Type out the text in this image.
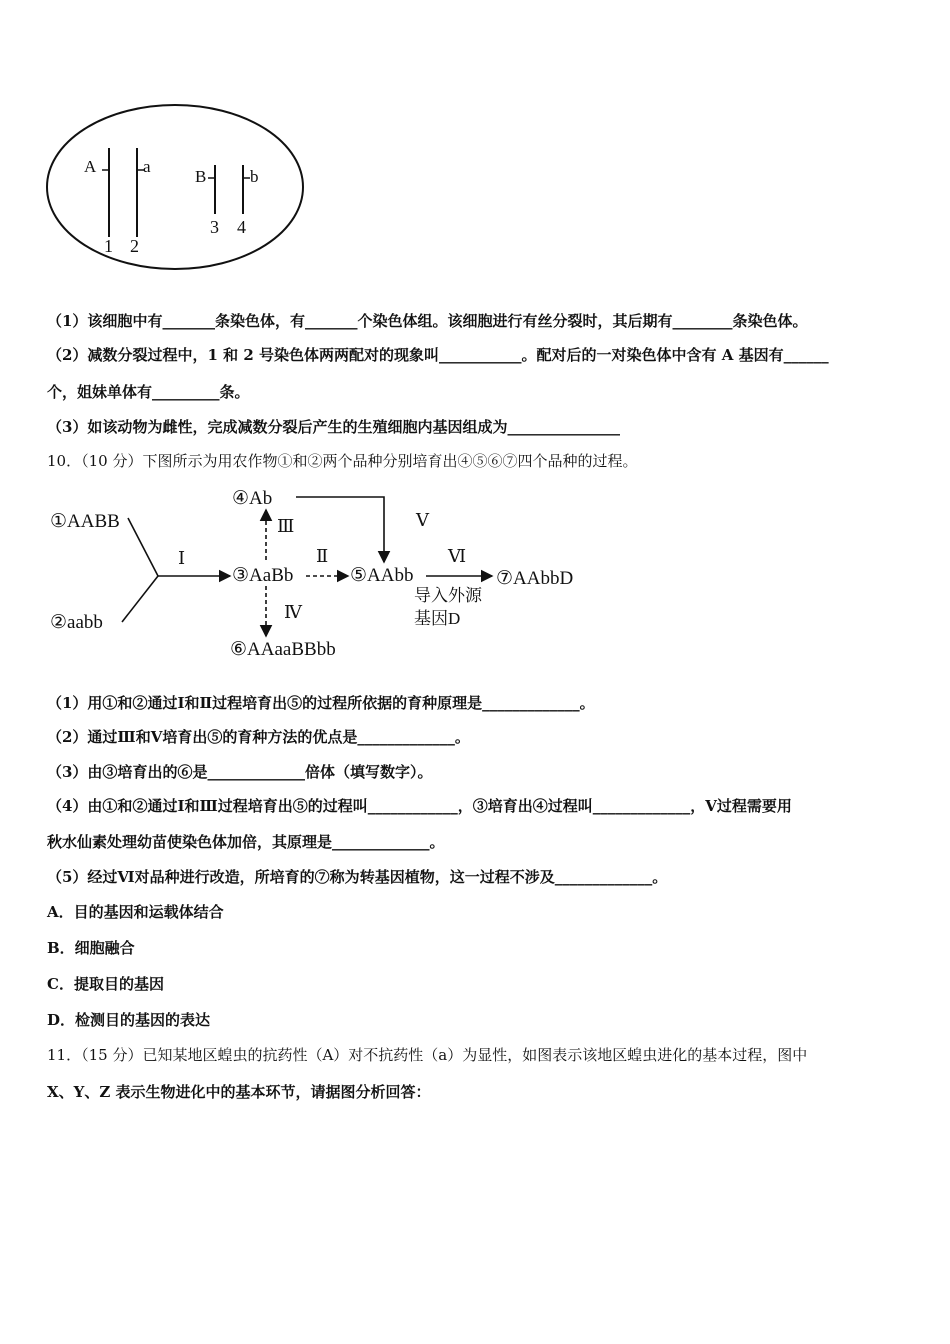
A	a
B	b
1 2
3 4
（1）该细胞中有_______条染色体，有_______个染色体组。该细胞进行有丝分裂时，其后期有________条染色体。
（2）减数分裂过程中，1 和 2 号染色体两两配对的现象叫___________。配对后的一对染色体中含有 A 基因有______
个，姐妹单体有_________条。
（3）如该动物为雌性，完成减数分裂后产生的生殖细胞内基因组成为_______________
10．（10 分）下图所示为用农作物①和②两个品种分别培育出④⑤⑥⑦四个品种的过程。
①AABB
②aabb
③AaBb
④Ab
⑤AAbb
⑥AAaaBBbb
⑦AAbbD
Ⅰ
Ⅲ
Ⅳ
Ⅱ
Ⅴ
Ⅵ
导入外源
基因D
（1）用①和②通过Ⅰ和Ⅱ过程培育出⑤的过程所依据的育种原理是_____________。
（2）通过Ⅲ和Ⅴ培育出⑤的育种方法的优点是_____________。
（3）由③培育出的⑥是_____________倍体（填写数字）。
（4）由①和②通过Ⅰ和Ⅲ过程培育出⑤的过程叫____________，③培育出④过程叫_____________，Ⅴ过程需要用
秋水仙素处理幼苗使染色体加倍，其原理是_____________。
（5）经过Ⅵ对品种进行改造，所培育的⑦称为转基因植物，这一过程不涉及_____________。
A．目的基因和运载体结合
B．细胞融合
C．提取目的基因
D．检测目的基因的表达
11．（15 分）已知某地区蝗虫的抗药性（A）对不抗药性（a）为显性，如图表示该地区蝗虫进化的基本过程，图中
X、Y、Z 表示生物进化中的基本环节，请据图分析回答：
